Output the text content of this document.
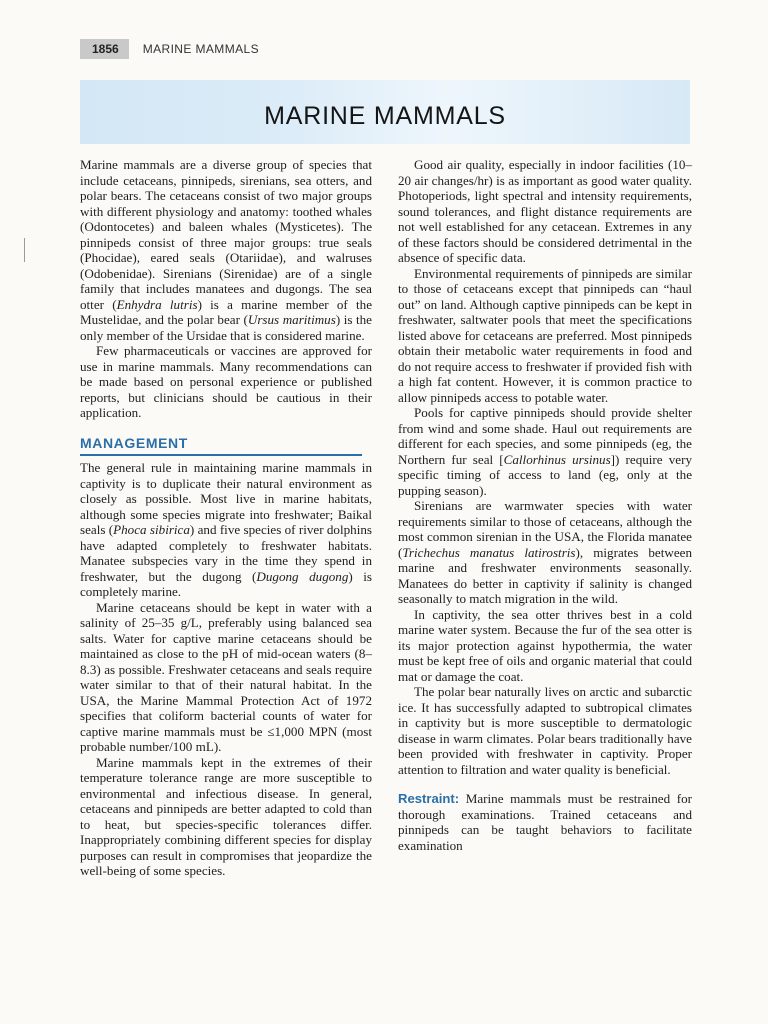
1856	MARINE MAMMALS
MARINE MAMMALS

Marine mammals are a diverse group of species that include cetaceans, pinnipeds, sirenians, sea otters, and polar bears. The cetaceans consist of two major groups with different physiology and anatomy: toothed whales (Odontocetes) and baleen whales (Mysticetes). The pinnipeds consist of three major groups: true seals (Phocidae), eared seals (Otariidae), and walruses (Odobenidae). Sirenians (Sirenidae) are of a single family that includes manatees and dugongs. The sea otter (Enhydra lutris) is a marine member of the Mustelidae, and the polar bear (Ursus maritimus) is the only member of the Ursidae that is considered marine.

Few pharmaceuticals or vaccines are approved for use in marine mammals. Many recommendations can be made based on personal experience or published reports, but clinicians should be cautious in their application.

MANAGEMENT

The general rule in maintaining marine mammals in captivity is to duplicate their natural environment as closely as possible. Most live in marine habitats, although some species migrate into freshwater; Baikal seals (Phoca sibirica) and five species of river dolphins have adapted completely to freshwater habitats. Manatee subspecies vary in the time they spend in freshwater, but the dugong (Dugong dugong) is completely marine.

Marine cetaceans should be kept in water with a salinity of 25–35 g/L, preferably using balanced sea salts. Water for captive marine cetaceans should be maintained as close to the pH of mid-ocean waters (8–8.3) as possible. Freshwater cetaceans and seals require water similar to that of their natural habitat. In the USA, the Marine Mammal Protection Act of 1972 specifies that coliform bacterial counts of water for captive marine mammals must be ≤1,000 MPN (most probable number/100 mL).

Marine mammals kept in the extremes of their temperature tolerance range are more susceptible to environmental and infectious disease. In general, cetaceans and pinnipeds are better adapted to cold than to heat, but species-specific tolerances differ. Inappropriately combining different species for display purposes can result in compromises that jeopardize the well-being of some species.

Good air quality, especially in indoor facilities (10–20 air changes/hr) is as important as good water quality. Photoperiods, light spectral and intensity requirements, sound tolerances, and flight distance requirements are not well established for any cetacean. Extremes in any of these factors should be considered detrimental in the absence of specific data.

Environmental requirements of pinnipeds are similar to those of cetaceans except that pinnipeds can “haul out” on land. Although captive pinnipeds can be kept in freshwater, saltwater pools that meet the specifications listed above for cetaceans are preferred. Most pinnipeds obtain their metabolic water requirements in food and do not require access to freshwater if provided fish with a high fat content. However, it is common practice to allow pinnipeds access to potable water.

Pools for captive pinnipeds should provide shelter from wind and some shade. Haul out requirements are different for each species, and some pinnipeds (eg, the Northern fur seal [Callorhinus ursinus]) require very specific timing of access to land (eg, only at the pupping season).

Sirenians are warmwater species with water requirements similar to those of cetaceans, although the most common sirenian in the USA, the Florida manatee (Trichechus manatus latirostris), migrates between marine and freshwater environments seasonally. Manatees do better in captivity if salinity is changed seasonally to match migration in the wild.

In captivity, the sea otter thrives best in a cold marine water system. Because the fur of the sea otter is its major protection against hypothermia, the water must be kept free of oils and organic material that could mat or damage the coat.

The polar bear naturally lives on arctic and subarctic ice. It has successfully adapted to subtropical climates in captivity but is more susceptible to dermatologic disease in warm climates. Polar bears traditionally have been provided with freshwater in captivity. Proper attention to filtration and water quality is beneficial.

Restraint: Marine mammals must be restrained for thorough examinations. Trained cetaceans and pinnipeds can be taught behaviors to facilitate examination
